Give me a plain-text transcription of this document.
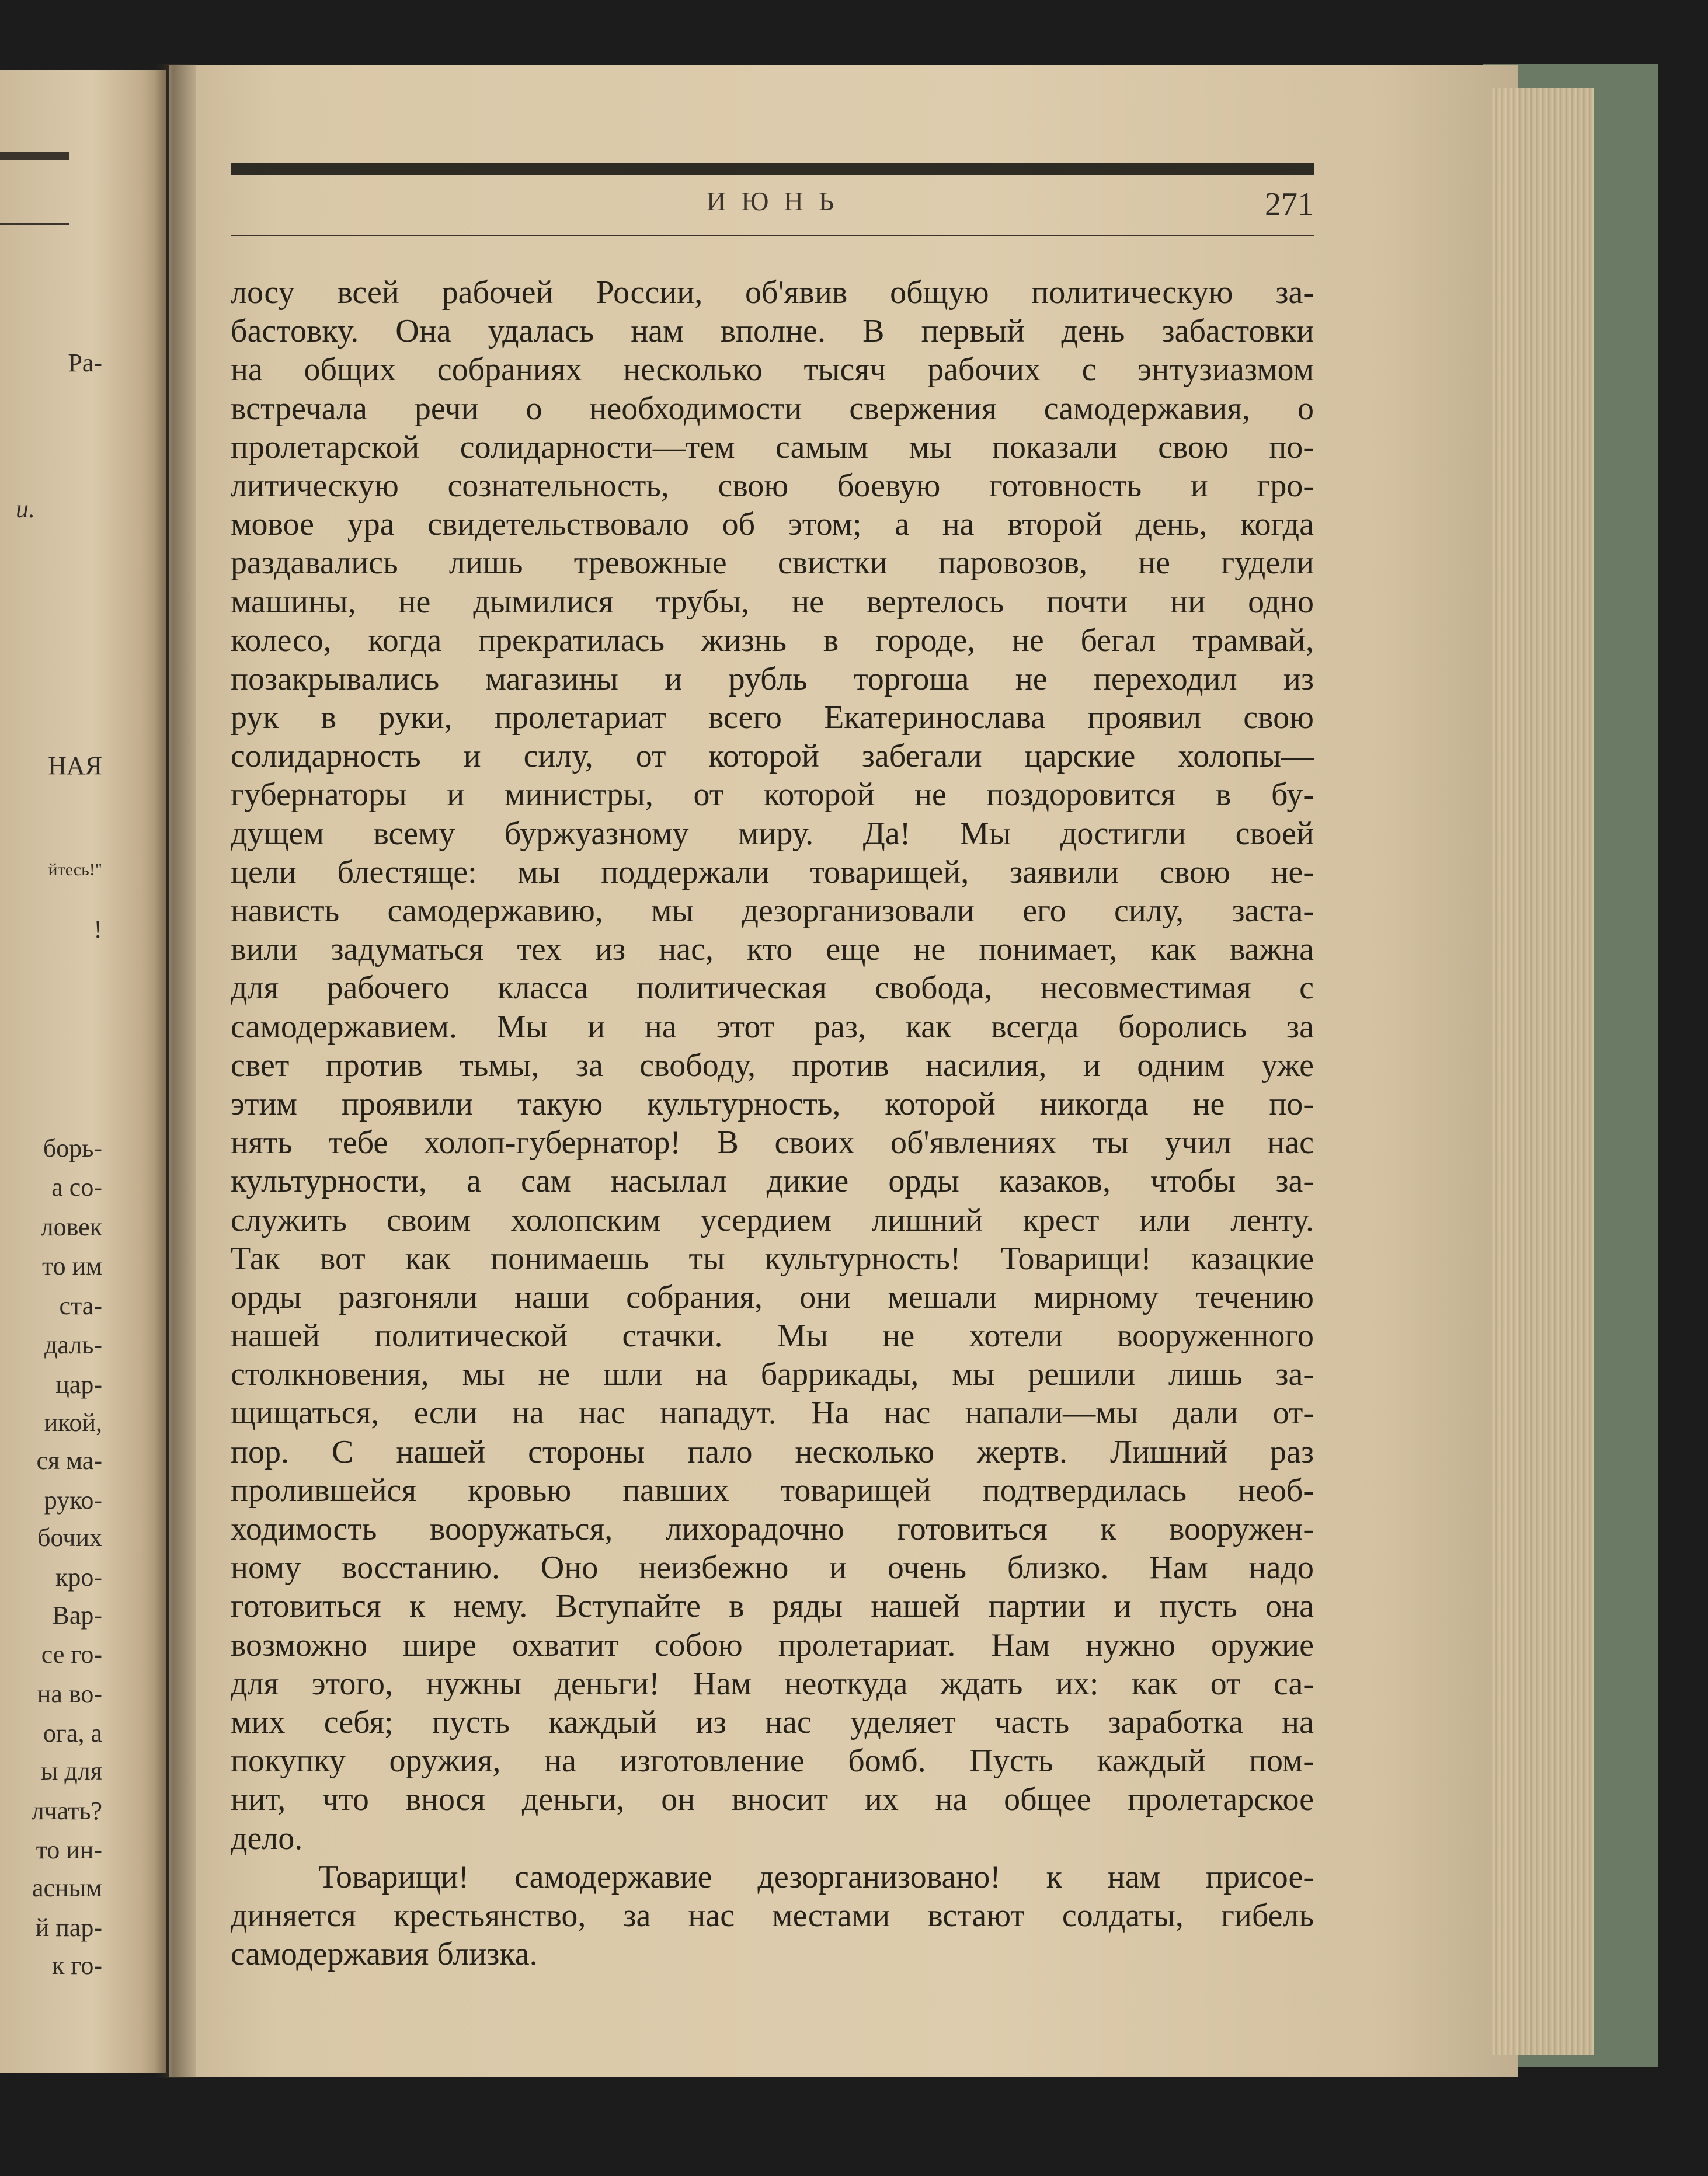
Ра-
и.
НАЯ
йтесь!"
!
борь-
а со-
ловек
то им
ста-
даль-
цар-
икой,
ся ма-
руко-
бочих
кро-
Вар-
се го-
на во-
ога, а
ы для
лчать?
то ин-
асным
й пар-
к го-
ИЮНЬ	271
лосу всей рабочей России, об'явив общую политическую за-
бастовку. Она удалась нам вполне. В первый день забастовки
на общих собраниях несколько тысяч рабочих с энтузиазмом
встречала речи о необходимости свержения самодержавия, о
пролетарской солидарности—тем самым мы показали свою по-
литическую сознательность, свою боевую готовность и гро-
мовое ура свидетельствовало об этом; а на второй день, когда
раздавались лишь тревожные свистки паровозов, не гудели
машины, не дымилися трубы, не вертелось почти ни одно
колесо, когда прекратилась жизнь в городе, не бегал трамвай,
позакрывались магазины и рубль торгоша не переходил из
рук в руки, пролетариат всего Екатеринослава проявил свою
солидарность и силу, от которой забегали царские холопы—
губернаторы и министры, от которой не поздоровится в бу-
дущем всему буржуазному миру. Да! Мы достигли своей
цели блестяще: мы поддержали товарищей, заявили свою не-
нависть самодержавию, мы дезорганизовали его силу, заста-
вили задуматься тех из нас, кто еще не понимает, как важна
для рабочего класса политическая свобода, несовместимая с
самодержавием. Мы и на этот раз, как всегда боролись за
свет против тьмы, за свободу, против насилия, и одним уже
этим проявили такую культурность, которой никогда не по-
нять тебе холоп-губернатор! В своих об'явлениях ты учил нас
культурности, а сам насылал дикие орды казаков, чтобы за-
служить своим холопским усердием лишний крест или ленту.
Так вот как понимаешь ты культурность! Товарищи! казацкие
орды разгоняли наши собрания, они мешали мирному течению
нашей политической стачки. Мы не хотели вооруженного
столкновения, мы не шли на баррикады, мы решили лишь за-
щищаться, если на нас нападут. На нас напали—мы дали от-
пор. С нашей стороны пало несколько жертв. Лишний раз
пролившейся кровью павших товарищей подтвердилась необ-
ходимость вооружаться, лихорадочно готовиться к вооружен-
ному восстанию. Оно неизбежно и очень близко. Нам надо
готовиться к нему. Вступайте в ряды нашей партии и пусть она
возможно шире охватит собою пролетариат. Нам нужно оружие
для этого, нужны деньги! Нам неоткуда ждать их: как от са-
мих себя; пусть каждый из нас уделяет часть заработка на
покупку оружия, на изготовление бомб. Пусть каждый пом-
нит, что внося деньги, он вносит их на общее пролетарское
дело.
Товарищи! самодержавие дезорганизовано! к нам присое-
диняется крестьянство, за нас местами встают солдаты, гибель
самодержавия близка.
